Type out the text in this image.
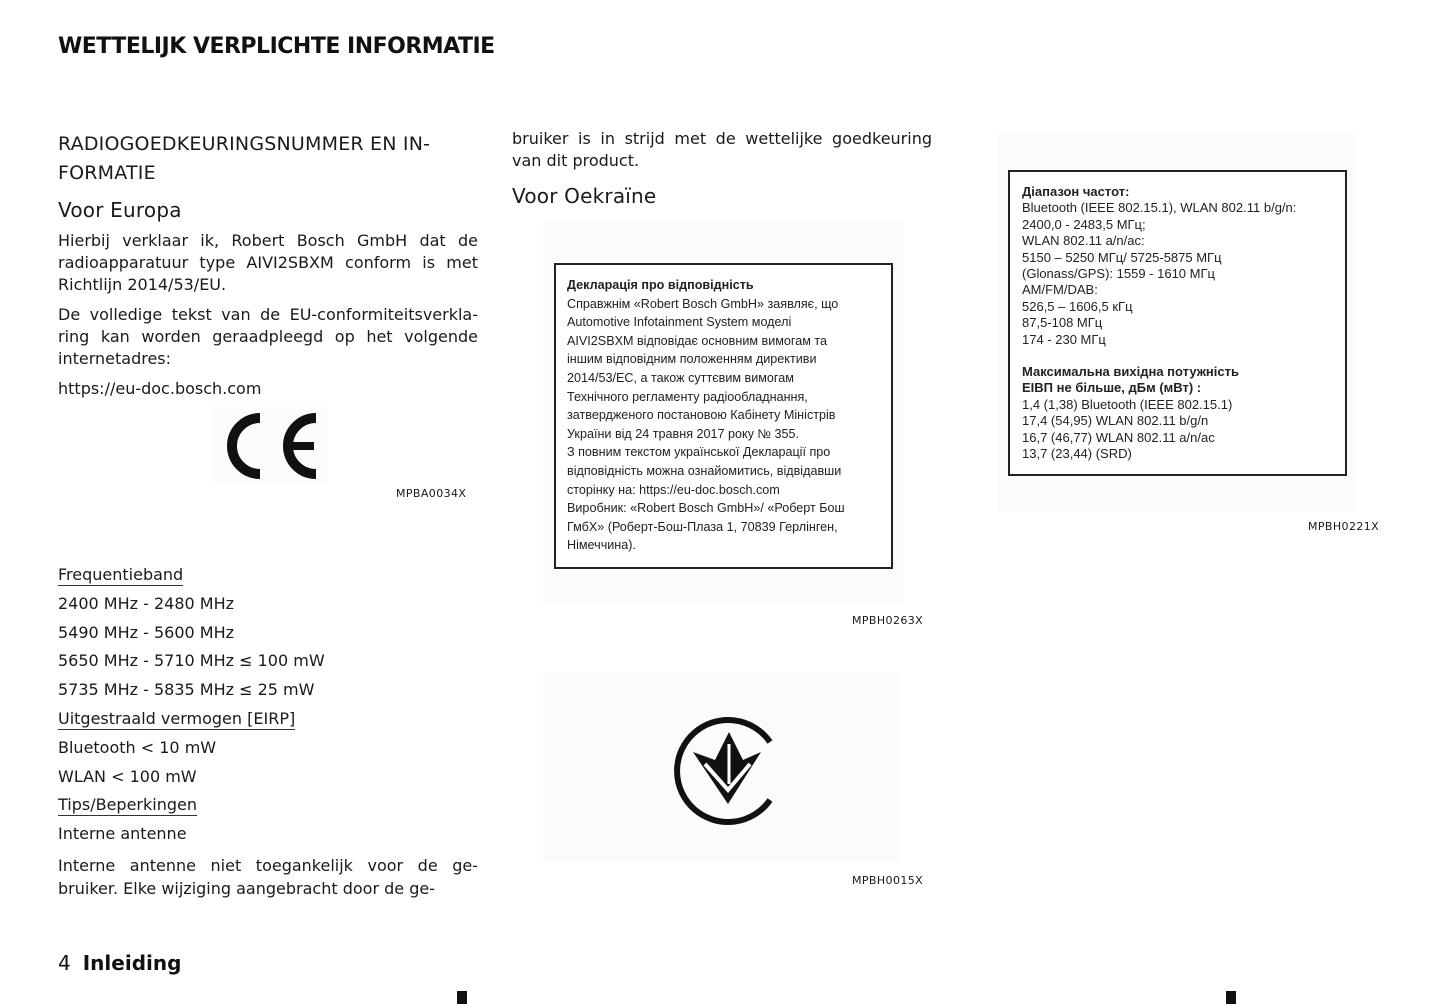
WETTELIJK VERPLICHTE INFORMATIE
RADIOGOEDKEURINGSNUMMER EN IN-
FORMATIE
Voor Europa

Hierbij verklaar ik, Robert Bosch GmbH dat de radioapparatuur type AIVI2SBXM conform is met Richtlijn 2014/53/EU.

De volledige tekst van de EU-conformiteitsverkla-ring kan worden geraadpleegd op het volgende internetadres:

https://eu-doc.bosch.com
MPBA0034X
Frequentieband
2400 MHz - 2480 MHz
5490 MHz - 5600 MHz
5650 MHz - 5710 MHz ≤ 100 mW
5735 MHz - 5835 MHz ≤ 25 mW
Uitgestraald vermogen [EIRP]
Bluetooth < 10 mW
WLAN < 100 mW
Tips/Beperkingen
Interne antenne

Interne antenne niet toegankelijk voor de ge-bruiker. Elke wijziging aangebracht door de ge-

bruiker is in strijd met de wettelijke goedkeuring van dit product.

Voor Oekraïne
Декларація про відповідність
Справжнім «Robert Bosch GmbH» заявляє, що
Automotive Infotainment System моделі
AIVI2SBXM відповідає основним вимогам та
іншим відповідним положенням директиви
2014/53/ЕС, а також суттєвим вимогам
Технічного регламенту радіообладнання,
затвердженого постановою Кабінету Міністрів
України від 24 травня 2017 року № 355.
З повним текстом української Декларації про
відповідність можна ознайомитись, відвідавши
сторінку на: https://eu-doc.bosch.com
Виробник: «Robert Bosch GmbH»/ «Роберт Бош
ГмбХ» (Роберт-Бош-Плаза 1, 70839 Герлінген,
Німеччина).
MPBH0263X
MPBH0015X
Діапазон частот:
Bluetooth (IEEE 802.15.1), WLAN 802.11 b/g/n:
2400,0 - 2483,5 МГц;
WLAN 802.11 a/n/ac:
5150 – 5250 МГц/ 5725-5875 МГц
(Glonass/GPS): 1559 - 1610 МГц
AM/FM/DAB:
526,5 – 1606,5 кГц
87,5-108 МГц
174 - 230 МГц
Максимальна вихідна потужність
ЕІВП не більше, дБм (мВт) :
1,4 (1,38) Bluetooth (IEEE 802.15.1)
17,4 (54,95) WLAN 802.11 b/g/n
16,7 (46,77) WLAN 802.11 a/n/ac
13,7 (23,44) (SRD)
MPBH0221X
4 Inleiding
